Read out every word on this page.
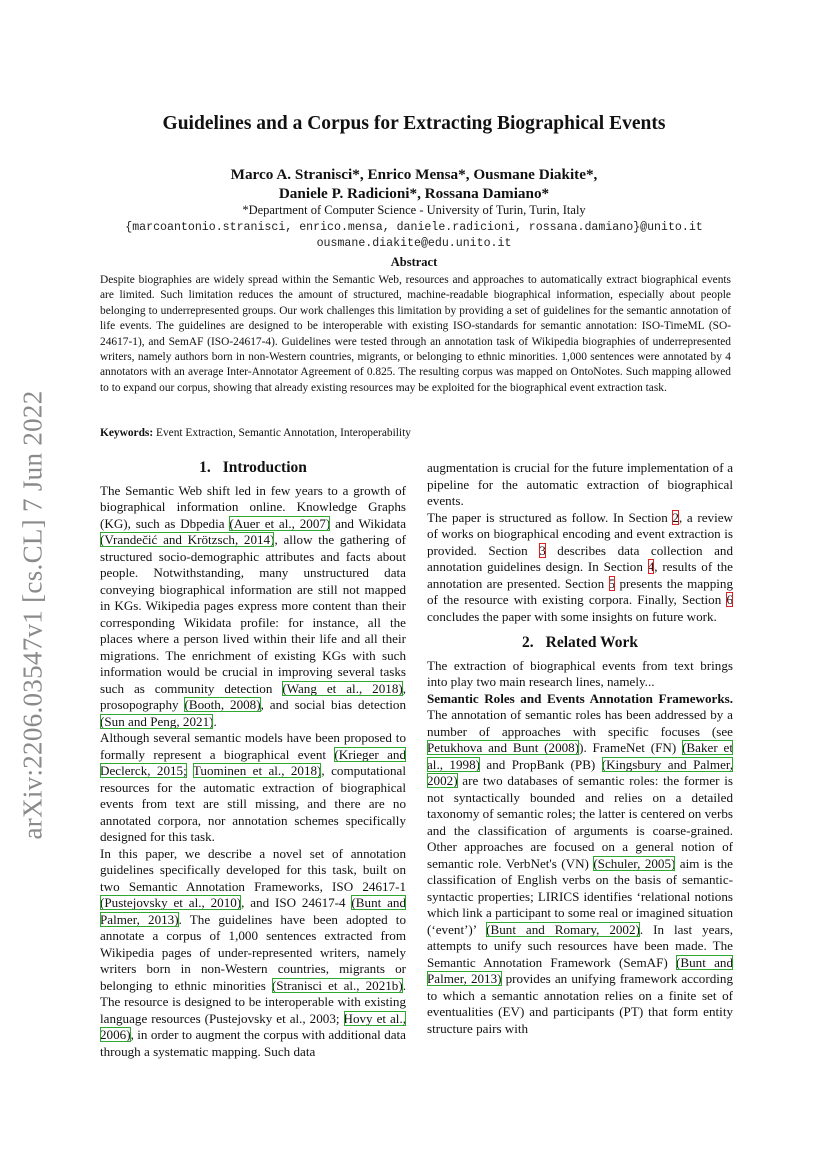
arXiv:2206.03547v1 [cs.CL] 7 Jun 2022
Guidelines and a Corpus for Extracting Biographical Events
Marco A. Stranisci*, Enrico Mensa*, Ousmane Diakite*,
Daniele P. Radicioni*, Rossana Damiano*
*Department of Computer Science - University of Turin, Turin, Italy
{marcoantonio.stranisci, enrico.mensa, daniele.radicioni, rossana.damiano}@unito.it
ousmane.diakite@edu.unito.it
Abstract
Despite biographies are widely spread within the Semantic Web, resources and approaches to automatically extract biographical events are limited. Such limitation reduces the amount of structured, machine-readable biographical information, especially about people belonging to underrepresented groups. Our work challenges this limitation by providing a set of guidelines for the semantic annotation of life events. The guidelines are designed to be interoperable with existing ISO-standards for semantic annotation: ISO-TimeML (SO-24617-1), and SemAF (ISO-24617-4). Guidelines were tested through an annotation task of Wikipedia biographies of underrepresented writers, namely authors born in non-Western countries, migrants, or belonging to ethnic minorities. 1,000 sentences were annotated by 4 annotators with an average Inter-Annotator Agreement of 0.825. The resulting corpus was mapped on OntoNotes. Such mapping allowed to to expand our corpus, showing that already existing resources may be exploited for the biographical event extraction task.
Keywords: Event Extraction, Semantic Annotation, Interoperability
1. Introduction

The Semantic Web shift led in few years to a growth of biographical information online. Knowledge Graphs (KG), such as Dbpedia (Auer et al., 2007) and Wikidata (Vrandečić and Krötzsch, 2014), allow the gathering of structured socio-demographic attributes and facts about people. Notwithstanding, many unstructured data conveying biographical information are still not mapped in KGs. Wikipedia pages express more content than their corresponding Wikidata profile: for instance, all the places where a person lived within their life and all their migrations. The enrichment of existing KGs with such information would be crucial in improving several tasks such as community detection (Wang et al., 2018), prosopography (Booth, 2008), and social bias detection (Sun and Peng, 2021).

Although several semantic models have been proposed to formally represent a biographical event (Krieger and Declerck, 2015; Tuominen et al., 2018), computational resources for the automatic extraction of biographical events from text are still missing, and there are no annotated corpora, nor annotation schemes specifically designed for this task.

In this paper, we describe a novel set of annotation guidelines specifically developed for this task, built on two Semantic Annotation Frameworks, ISO 24617-1 (Pustejovsky et al., 2010), and ISO 24617-4 (Bunt and Palmer, 2013). The guidelines have been adopted to annotate a corpus of 1,000 sentences extracted from Wikipedia pages of under-represented writers, namely writers born in non-Western countries, migrants or belonging to ethnic minorities (Stranisci et al., 2021b). The resource is designed to be interoperable with existing language resources (Pustejovsky et al., 2003; Hovy et al., 2006), in order to augment the corpus with additional data through a systematic mapping. Such data

augmentation is crucial for the future implementation of a pipeline for the automatic extraction of biographical events.

The paper is structured as follow. In Section 2, a review of works on biographical encoding and event extraction is provided. Section 3 describes data collection and annotation guidelines design. In Section 4, results of the annotation are presented. Section 5 presents the mapping of the resource with existing corpora. Finally, Section 6 concludes the paper with some insights on future work.

2. Related Work

The extraction of biographical events from text brings into play two main research lines, namely...

Semantic Roles and Events Annotation Frameworks. The annotation of semantic roles has been addressed by a number of approaches with specific focuses (see Petukhova and Bunt (2008)). FrameNet (FN) (Baker et al., 1998) and PropBank (PB) (Kingsbury and Palmer, 2002) are two databases of semantic roles: the former is not syntactically bounded and relies on a detailed taxonomy of semantic roles; the latter is centered on verbs and the classification of arguments is coarse-grained. Other approaches are focused on a general notion of semantic role. VerbNet's (VN) (Schuler, 2005) aim is the classification of English verbs on the basis of semantic-syntactic properties; LIRICS identifies ‘relational notions which link a participant to some real or imagined situation (‘event’)’ (Bunt and Romary, 2002). In last years, attempts to unify such resources have been made. The Semantic Annotation Framework (SemAF) (Bunt and Palmer, 2013) provides an unifying framework according to which a semantic annotation relies on a finite set of eventualities (EV) and participants (PT) that form entity structure pairs with
